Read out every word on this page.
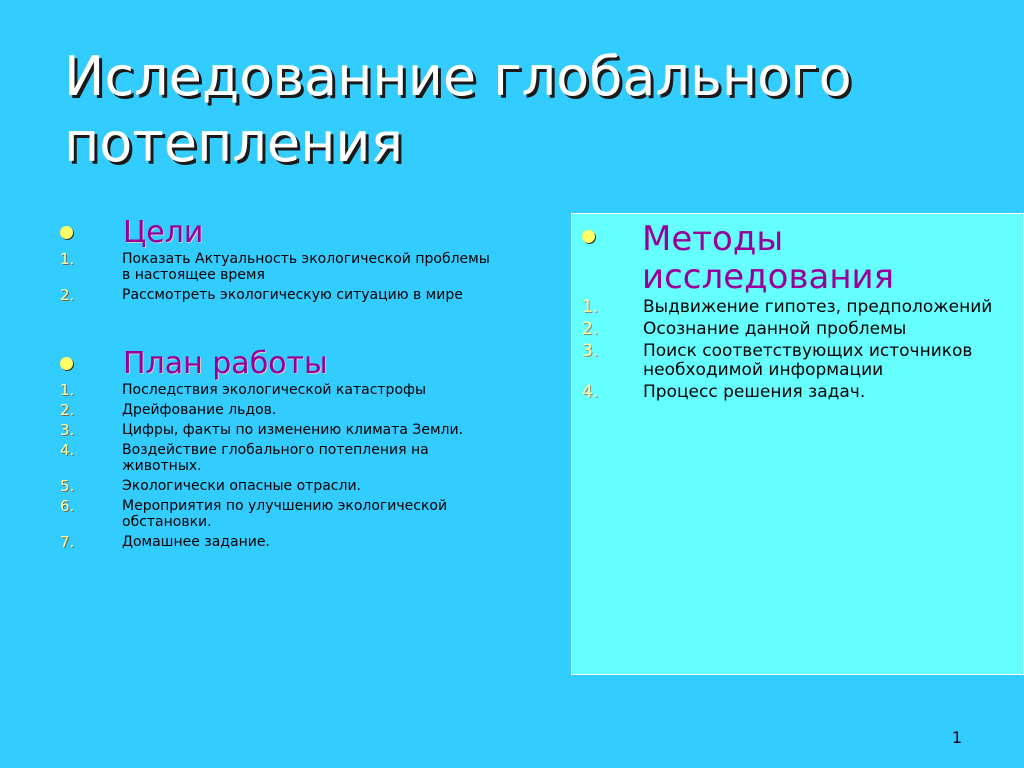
Иследованние глобального
потепления
Цели
1.	Показать Актуальность экологической проблемы в настоящее время
2.	Рассмотреть экологическую ситуацию в мире
План работы
1.	Последствия экологической катастрофы
2.	Дрейфование льдов.
3.	Цифры, факты по изменению климата Земли.
4.	Воздействие глобального потепления на животных.
5.	Экологически опасные отрасли.
6.	Мероприятия по улучшению экологической обстановки.
7.	Домашнее задание.
Методы исследования
1.	Выдвижение гипотез, предположений
2.	Осознание данной проблемы
3.	Поиск соответствующих источников необходимой информации
4.	Процесс решения задач.
1
